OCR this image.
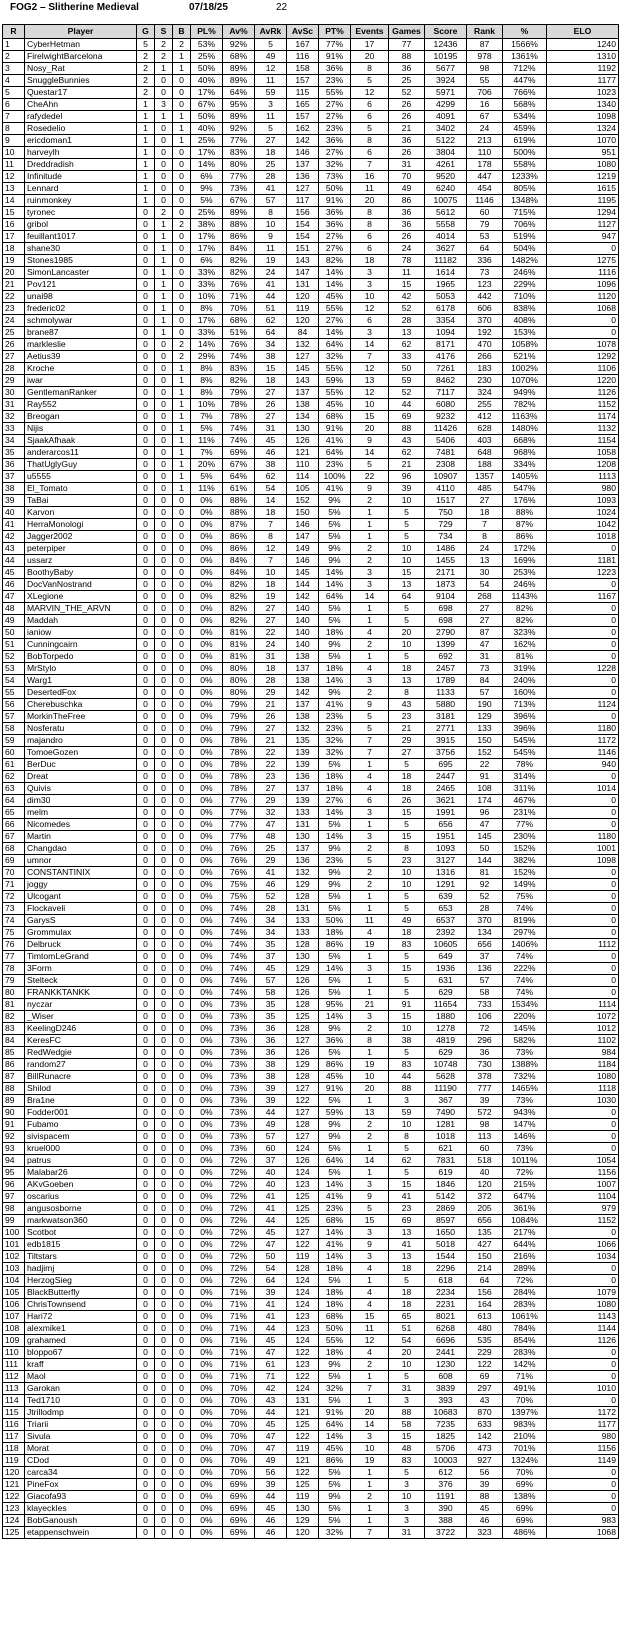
FOG2 – Slitherine Medieval	07/18/25	22
R	Player	G	S	B	PL%	Av%	AvRk	AvSc	PT%	Events	Games	Score	Rank	%	ELO
1	CyberHetman	5	2	2	53%	92%	5	167	77%	17	77	12436	87	1566%	1240
2	FirelwightBarcelona	2	2	1	25%	68%	49	116	91%	20	88	10195	978	1361%	1310
3	Nosy_Rat	2	1	1	50%	89%	12	158	36%	8	36	5677	98	712%	1192
4	SnuggleBunnies	2	0	0	40%	89%	11	157	23%	5	25	3924	55	447%	1177
5	Questar17	2	0	0	17%	64%	59	115	55%	12	52	5971	706	766%	1023
6	CheAhn	1	3	0	67%	95%	3	165	27%	6	26	4299	16	568%	1340
7	rafydedel	1	1	1	50%	89%	11	157	27%	6	26	4091	67	534%	1098
8	Rosedelio	1	0	1	40%	92%	5	162	23%	5	21	3402	24	459%	1324
9	ericdoman1	1	0	1	25%	77%	27	142	36%	8	36	5122	213	619%	1070
10	harveylh	1	0	0	17%	83%	18	146	27%	6	26	3804	110	500%	951
11	Dreddradish	1	0	0	14%	80%	25	137	32%	7	31	4261	178	558%	1080
12	Infinitude	1	0	0	6%	77%	28	136	73%	16	70	9520	447	1233%	1219
13	Lennard	1	0	0	9%	73%	41	127	50%	11	49	6240	454	805%	1615
14	ruinmonkey	1	0	0	5%	67%	57	117	91%	20	86	10075	1146	1348%	1195
15	tyronec	0	2	0	25%	89%	8	156	36%	8	36	5612	60	715%	1294
16	gribol	0	1	2	38%	88%	10	154	36%	8	36	5558	79	706%	1127
17	feuillant1017	0	1	0	17%	86%	9	154	27%	6	26	4014	53	519%	947
18	shane30	0	1	0	17%	84%	11	151	27%	6	24	3627	64	504%	0
19	Stones1985	0	1	0	6%	82%	19	143	82%	18	78	11182	336	1482%	1275
20	SimonLancaster	0	1	0	33%	82%	24	147	14%	3	11	1614	73	246%	1116
21	Pov121	0	1	0	33%	76%	41	131	14%	3	15	1965	123	229%	1096
22	unai98	0	1	0	10%	71%	44	120	45%	10	42	5053	442	710%	1120
23	frederic02	0	1	0	8%	70%	51	119	55%	12	52	6178	606	838%	1068
24	schmolywar	0	1	0	17%	68%	62	120	27%	6	28	3354	370	408%	0
25	brane87	0	1	0	33%	51%	64	84	14%	3	13	1094	192	153%	0
26	markleslie	0	0	2	14%	76%	34	132	64%	14	62	8171	470	1058%	1078
27	Aetius39	0	0	2	29%	74%	38	127	32%	7	33	4176	266	521%	1292
28	Kroche	0	0	1	8%	83%	15	145	55%	12	50	7261	183	1002%	1106
29	iwar	0	0	1	8%	82%	18	143	59%	13	59	8462	230	1070%	1220
30	GentlemanRanker	0	0	1	8%	79%	27	137	55%	12	52	7117	324	949%	1126
31	Ray552	0	0	1	10%	78%	26	138	45%	10	44	6080	255	782%	1152
32	Breogan	0	0	1	7%	78%	27	134	68%	15	69	9232	412	1163%	1174
33	Nijis	0	0	1	5%	74%	31	130	91%	20	88	11426	628	1480%	1132
34	SjaakAfhaak	0	0	1	11%	74%	45	126	41%	9	43	5406	403	668%	1154
35	anderarcos11	0	0	1	7%	69%	46	121	64%	14	62	7481	648	968%	1058
36	ThatUglyGuy	0	0	1	20%	67%	38	110	23%	5	21	2308	188	334%	1208
37	u5555	0	0	1	5%	64%	62	114	100%	22	96	10907	1357	1405%	1113
38	El_Tomato	0	0	1	11%	61%	54	105	41%	9	39	4110	485	547%	980
39	TaBai	0	0	0	0%	88%	14	152	9%	2	10	1517	27	176%	1093
40	Karvon	0	0	0	0%	88%	18	150	5%	1	5	750	18	88%	1024
41	HerraMonologi	0	0	0	0%	87%	7	146	5%	1	5	729	7	87%	1042
42	Jagger2002	0	0	0	0%	86%	8	147	5%	1	5	734	8	86%	1018
43	peterpiper	0	0	0	0%	86%	12	149	9%	2	10	1486	24	172%	0
44	ussarz	0	0	0	0%	84%	7	146	9%	2	10	1455	13	169%	1181
45	BoothyBaby	0	0	0	0%	84%	10	145	14%	3	15	2171	30	253%	1223
46	DocVanNostrand	0	0	0	0%	82%	18	144	14%	3	13	1873	54	246%	0
47	XLegione	0	0	0	0%	82%	19	142	64%	14	64	9104	268	1143%	1167
48	MARVIN_THE_ARVN	0	0	0	0%	82%	27	140	5%	1	5	698	27	82%	0
49	Maddah	0	0	0	0%	82%	27	140	5%	1	5	698	27	82%	0
50	ianiow	0	0	0	0%	81%	22	140	18%	4	20	2790	87	323%	0
51	Cunningcairn	0	0	0	0%	81%	24	140	9%	2	10	1399	47	162%	0
52	BobTorpedo	0	0	0	0%	81%	31	138	5%	1	5	692	31	81%	0
53	MrStylo	0	0	0	0%	80%	18	137	18%	4	18	2457	73	319%	1228
54	Warg1	0	0	0	0%	80%	28	138	14%	3	13	1789	84	240%	0
55	DesertedFox	0	0	0	0%	80%	29	142	9%	2	8	1133	57	160%	0
56	Cherebuschka	0	0	0	0%	79%	21	137	41%	9	43	5880	190	713%	1124
57	MorkinTheFree	0	0	0	0%	79%	26	138	23%	5	23	3181	129	396%	0
58	Nosferatu	0	0	0	0%	79%	27	132	23%	5	21	2771	133	396%	1180
59	majandro	0	0	0	0%	78%	21	135	32%	7	29	3915	150	545%	1172
60	TomoeGozen	0	0	0	0%	78%	22	139	32%	7	27	3756	152	545%	1146
61	BerDuc	0	0	0	0%	78%	22	139	5%	1	5	695	22	78%	940
62	Dreat	0	0	0	0%	78%	23	136	18%	4	18	2447	91	314%	0
63	Quivis	0	0	0	0%	78%	27	137	18%	4	18	2465	108	311%	1014
64	dim30	0	0	0	0%	77%	29	139	27%	6	26	3621	174	467%	0
65	melm	0	0	0	0%	77%	32	133	14%	3	15	1991	96	231%	0
66	Nicomedes	0	0	0	0%	77%	47	131	5%	1	5	656	47	77%	0
67	Martin	0	0	0	0%	77%	48	130	14%	3	15	1951	145	230%	1180
68	Changdao	0	0	0	0%	76%	25	137	9%	2	8	1093	50	152%	1001
69	umnor	0	0	0	0%	76%	29	136	23%	5	23	3127	144	382%	1098
70	CONSTANTINIX	0	0	0	0%	76%	41	132	9%	2	10	1316	81	152%	0
71	joggy	0	0	0	0%	75%	46	129	9%	2	10	1291	92	149%	0
72	Ulcogant	0	0	0	0%	75%	52	128	5%	1	5	639	52	75%	0
73	Flockaveli	0	0	0	0%	74%	28	131	5%	1	5	653	28	74%	0
74	GarysS	0	0	0	0%	74%	34	133	50%	11	49	6537	370	819%	0
75	Grommulax	0	0	0	0%	74%	34	133	18%	4	18	2392	134	297%	0
76	Delbruck	0	0	0	0%	74%	35	128	86%	19	83	10605	656	1406%	1112
77	TimtomLeGrand	0	0	0	0%	74%	37	130	5%	1	5	649	37	74%	0
78	3Form	0	0	0	0%	74%	45	129	14%	3	15	1936	136	222%	0
79	Stelteck	0	0	0	0%	74%	57	126	5%	1	5	631	57	74%	0
80	FRANKKTANKK	0	0	0	0%	74%	58	126	5%	1	5	629	58	74%	0
81	nyczar	0	0	0	0%	73%	35	128	95%	21	91	11654	733	1534%	1114
82	_Wiser	0	0	0	0%	73%	35	125	14%	3	15	1880	106	220%	1072
83	KeelingD246	0	0	0	0%	73%	36	128	9%	2	10	1278	72	145%	1012
84	KeresFC	0	0	0	0%	73%	36	127	36%	8	38	4819	296	582%	1102
85	RedWedgie	0	0	0	0%	73%	36	126	5%	1	5	629	36	73%	984
86	random27	0	0	0	0%	73%	38	129	86%	19	83	10748	730	1388%	1184
87	BillRunacre	0	0	0	0%	73%	38	128	45%	10	44	5628	378	732%	1080
88	Shilod	0	0	0	0%	73%	39	127	91%	20	88	11190	777	1465%	1118
89	Bra1ne	0	0	0	0%	73%	39	122	5%	1	3	367	39	73%	1030
90	Fodder001	0	0	0	0%	73%	44	127	59%	13	59	7490	572	943%	0
91	Fubamo	0	0	0	0%	73%	49	128	9%	2	10	1281	98	147%	0
92	sivispacem	0	0	0	0%	73%	57	127	9%	2	8	1018	113	146%	0
93	kruel000	0	0	0	0%	73%	60	124	5%	1	5	621	60	73%	0
94	patrus	0	0	0	0%	72%	37	126	64%	14	62	7831	518	1011%	1054
95	Malabar26	0	0	0	0%	72%	40	124	5%	1	5	619	40	72%	1156
96	AKvGoeben	0	0	0	0%	72%	40	123	14%	3	15	1846	120	215%	1007
97	oscarius	0	0	0	0%	72%	41	125	41%	9	41	5142	372	647%	1104
98	angusosborne	0	0	0	0%	72%	41	125	23%	5	23	2869	205	361%	979
99	markwatson360	0	0	0	0%	72%	44	125	68%	15	69	8597	656	1084%	1152
100	Scotbot	0	0	0	0%	72%	45	127	14%	3	13	1650	135	217%	0
101	edb1815	0	0	0	0%	72%	47	122	41%	9	41	5018	427	644%	1066
102	Tiltstars	0	0	0	0%	72%	50	119	14%	3	13	1544	150	216%	1034
103	hadjimj	0	0	0	0%	72%	54	128	18%	4	18	2296	214	289%	0
104	HerzogSieg	0	0	0	0%	72%	64	124	5%	1	5	618	64	72%	0
105	BlackButterfly	0	0	0	0%	71%	39	124	18%	4	18	2234	156	284%	1079
106	ChrisTownsend	0	0	0	0%	71%	41	124	18%	4	18	2231	164	283%	1080
107	Hari72	0	0	0	0%	71%	41	123	68%	15	65	8021	613	1061%	1143
108	alexmike1	0	0	0	0%	71%	44	123	50%	11	51	6268	480	784%	1144
109	grahamed	0	0	0	0%	71%	45	124	55%	12	54	6696	535	854%	1126
110	bloppo67	0	0	0	0%	71%	47	122	18%	4	20	2441	229	283%	0
111	kraff	0	0	0	0%	71%	61	123	9%	2	10	1230	122	142%	0
112	Maol	0	0	0	0%	71%	71	122	5%	1	5	608	69	71%	0
113	Garokan	0	0	0	0%	70%	42	124	32%	7	31	3839	297	491%	1010
114	Ted1710	0	0	0	0%	70%	43	131	5%	1	3	393	43	70%	0
115	Jtrillodmp	0	0	0	0%	70%	44	121	91%	20	88	10683	870	1397%	1172
116	Triarii	0	0	0	0%	70%	45	125	64%	14	58	7235	633	983%	1177
117	Sivula	0	0	0	0%	70%	47	122	14%	3	15	1825	142	210%	980
118	Morat	0	0	0	0%	70%	47	119	45%	10	48	5706	473	701%	1156
119	CDod	0	0	0	0%	70%	49	121	86%	19	83	10003	927	1324%	1149
120	carca34	0	0	0	0%	70%	56	122	5%	1	5	612	56	70%	0
121	PineFox	0	0	0	0%	69%	39	125	5%	1	3	376	39	69%	0
122	Giacofa93	0	0	0	0%	69%	44	119	9%	2	10	1191	88	138%	0
123	klayeckles	0	0	0	0%	69%	45	130	5%	1	3	390	45	69%	0
124	BobGanoush	0	0	0	0%	69%	46	129	5%	1	3	388	46	69%	983
125	etappenschwein	0	0	0	0%	69%	46	120	32%	7	31	3722	323	486%	1068
